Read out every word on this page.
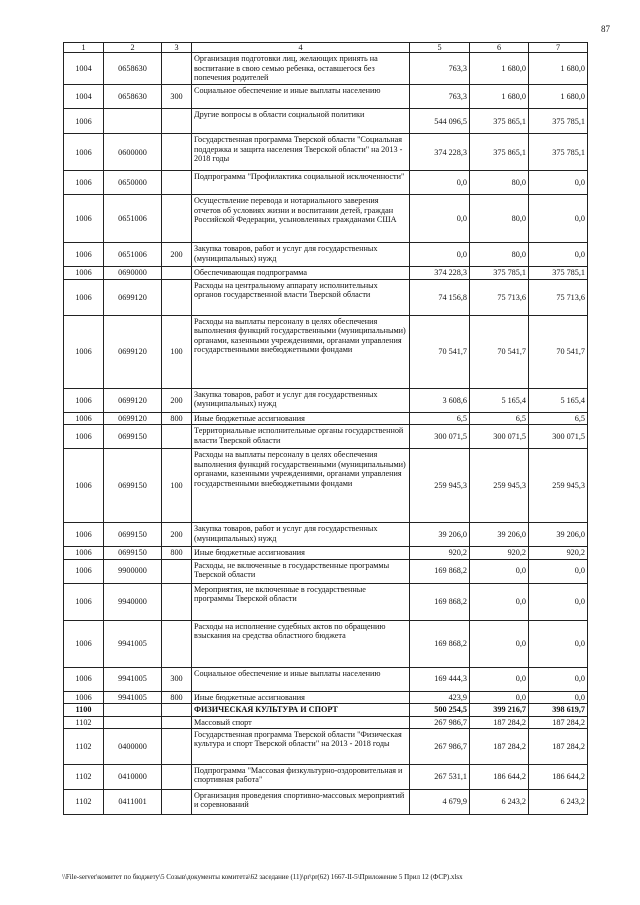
87
1	2	3	4	5	6	7
1004	0658630		Организация подготовки лиц, желающих принять на воспитание в свою семью ребенка, оставшегося без попечения родителей	763,3	1 680,0	1 680,0
1004	0658630	300	Социальное обеспечение и иные выплаты населению	763,3	1 680,0	1 680,0
1006			Другие вопросы в области социальной политики	544 096,5	375 865,1	375 785,1
1006	0600000		Государственная программа Тверской области "Социальная поддержка и защита населения Тверской области" на 2013 - 2018 годы	374 228,3	375 865,1	375 785,1
1006	0650000		Подпрограмма "Профилактика социальной исключенности"	0,0	80,0	0,0
1006	0651006		Осуществление перевода и нотариального заверения отчетов об условиях жизни и воспитании детей, граждан Российской Федерации, усыновленных гражданами США	0,0	80,0	0,0
1006	0651006	200	Закупка товаров, работ и услуг для государственных (муниципальных) нужд	0,0	80,0	0,0
1006	0690000		Обеспечивающая подпрограмма	374 228,3	375 785,1	375 785,1
1006	0699120		Расходы на центральному аппарату исполнительных органов государственной власти Тверской области	74 156,8	75 713,6	75 713,6
1006	0699120	100	Расходы на выплаты персоналу в целях обеспечения выполнения функций государственными (муниципальными) органами, казенными учреждениями, органами управления государственными внебюджетными фондами	70 541,7	70 541,7	70 541,7
1006	0699120	200	Закупка товаров, работ и услуг для государственных (муниципальных) нужд	3 608,6	5 165,4	5 165,4
1006	0699120	800	Иные бюджетные ассигнования	6,5	6,5	6,5
1006	0699150		Территориальные исполнительные органы государственной власти Тверской области	300 071,5	300 071,5	300 071,5
1006	0699150	100	Расходы на выплаты персоналу в целях обеспечения выполнения функций государственными (муниципальными) органами, казенными учреждениями, органами управления государственными внебюджетными фондами	259 945,3	259 945,3	259 945,3
1006	0699150	200	Закупка товаров, работ и услуг для государственных (муниципальных) нужд	39 206,0	39 206,0	39 206,0
1006	0699150	800	Иные бюджетные ассигнования	920,2	920,2	920,2
1006	9900000		Расходы, не включенные в государственные программы Тверской области	169 868,2	0,0	0,0
1006	9940000		Мероприятия, не включенные в государственные программы Тверской области	169 868,2	0,0	0,0
1006	9941005		Расходы на исполнение судебных актов по обращению взыскания на средства областного бюджета	169 868,2	0,0	0,0
1006	9941005	300	Социальное обеспечение и иные выплаты населению	169 444,3	0,0	0,0
1006	9941005	800	Иные бюджетные ассигнования	423,9	0,0	0,0
1100			ФИЗИЧЕСКАЯ КУЛЬТУРА И СПОРТ	500 254,5	399 216,7	398 619,7
1102			Массовый спорт	267 986,7	187 284,2	187 284,2
1102	0400000		Государственная программа Тверской области "Физическая культура и спорт Тверской области" на 2013 - 2018 годы	267 986,7	187 284,2	187 284,2
1102	0410000		Подпрограмма "Массовая физкультурно-оздоровительная и спортивная работа"	267 531,1	186 644,2	186 644,2
1102	0411001		Организация проведения спортивно-массовых мероприятий и соревнований	4 679,9	6 243,2	6 243,2
\\File-server\комитет по бюджету\5 Созыв\документы комитета\62 заседание (11)\pr\pr(62) 1667-II-5\Приложение 5 Прил 12 (ФСР).xlsx
